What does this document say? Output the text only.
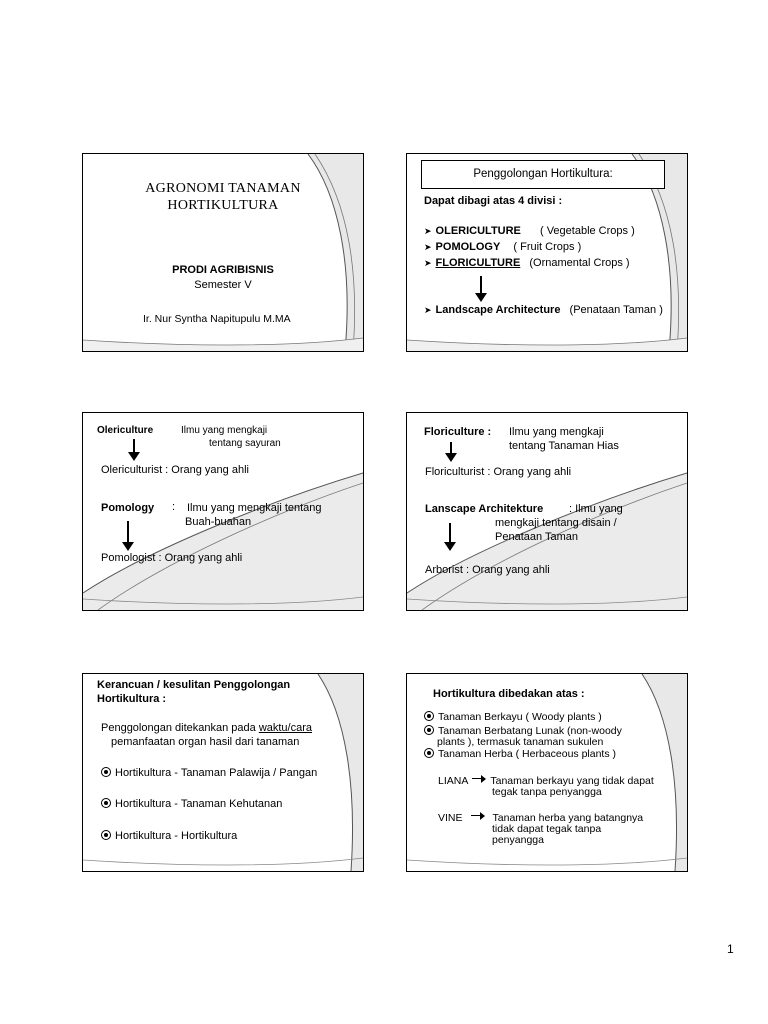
AGRONOMI TANAMAN
HORTIKULTURA
PRODI AGRIBISNIS
Semester V
Ir. Nur Syntha Napitupulu M.MA
Penggolongan Hortikultura:
Dapat dibagi atas 4 divisi :
➤ OLERICULTURE ( Vegetable Crops )
➤ POMOLOGY ( Fruit Crops )
➤ FLORICULTURE (Ornamental Crops )
➤ Landscape Architecture (Penataan Taman )
Olericulture	Ilmu yang mengkaji
tentang sayuran
Olericulturist : Orang yang ahli
Pomology : Ilmu yang mengkaji tentang
Buah-buahan
Pomologist : Orang yang ahli
Floriculture : Ilmu yang mengkaji
tentang Tanaman Hias
Floriculturist : Orang yang ahli
Lanscape Architekture : Ilmu yang
mengkaji tentang disain /
Penataan Taman
Arborist : Orang yang ahli
Kerancuan / kesulitan Penggolongan
Hortikultura :
Penggolongan ditekankan pada waktu/cara
pemanfaatan organ hasil dari tanaman
Hortikultura - Tanaman Palawija / Pangan
Hortikultura - Tanaman Kehutanan
Hortikultura - Hortikultura
Hortikultura dibedakan atas :
Tanaman Berkayu ( Woody plants )
Tanaman Berbatang Lunak (non-woody
plants ), termasuk tanaman sukulen
Tanaman Herba ( Herbaceous plants )
LIANA Tanaman berkayu yang tidak dapat
tegak tanpa penyangga
VINE	Tanaman herba yang batangnya
tidak dapat tegak tanpa
penyangga
1
